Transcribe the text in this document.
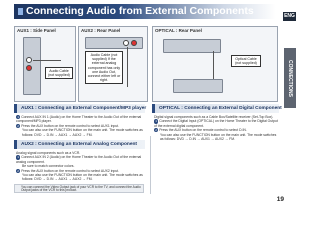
Connecting Audio from External Components	ENG
CONNECTIONS
AUX1 : Side Panel
Audio Cable (not supplied)
AUX2 : Rear Panel
Audio Cable (not supplied) If the external analog component has only one Audio Out, connect either left or right.
OPTICAL : Rear Panel
Optical Cable (not supplied)
AUX1 : Connecting an External Component/MP3 player
1 Connect AUX IN 1 (Audio) on the Home Theater to the Audio Out of the external component/MP3 player.
2 Press the AUX button on the remote control to select AUX1 input.
You can also use the FUNCTION button on the main unit. The mode switches as follows: DVD → D.IN → AUX1 → AUX2 → FM.
AUX2 : Connecting an External Analog Component
Analog signal components such as a VCR.
1 Connect AUX IN 2 (Audio) on the Home Theater to the Audio Out of the external analog component.
Be sure to match connector colors.
2 Press the AUX button on the remote control to select AUX2 input.
You can also use the FUNCTION button on the main unit. The mode switches as follows: DVD → D.IN → AUX1 → AUX2 → FM.
You can connect the Video Output jack of your VCR to the TV, and connect the Audio Output jacks of the VCR to this product.
OPTICAL : Connecting an External Digital Component
Digital signal components such as a Cable Box/Satellite receiver (Set-Top Box).
1 Connect the Digital Input (OPTICAL) on the Home Theater to the Digital Output of the external digital component.
2 Press the AUX button on the remote control to select D.IN.
You can also use the FUNCTION button on the main unit. The mode switches as follows: DVD → D.IN → AUX1 → AUX2 → FM.
19
